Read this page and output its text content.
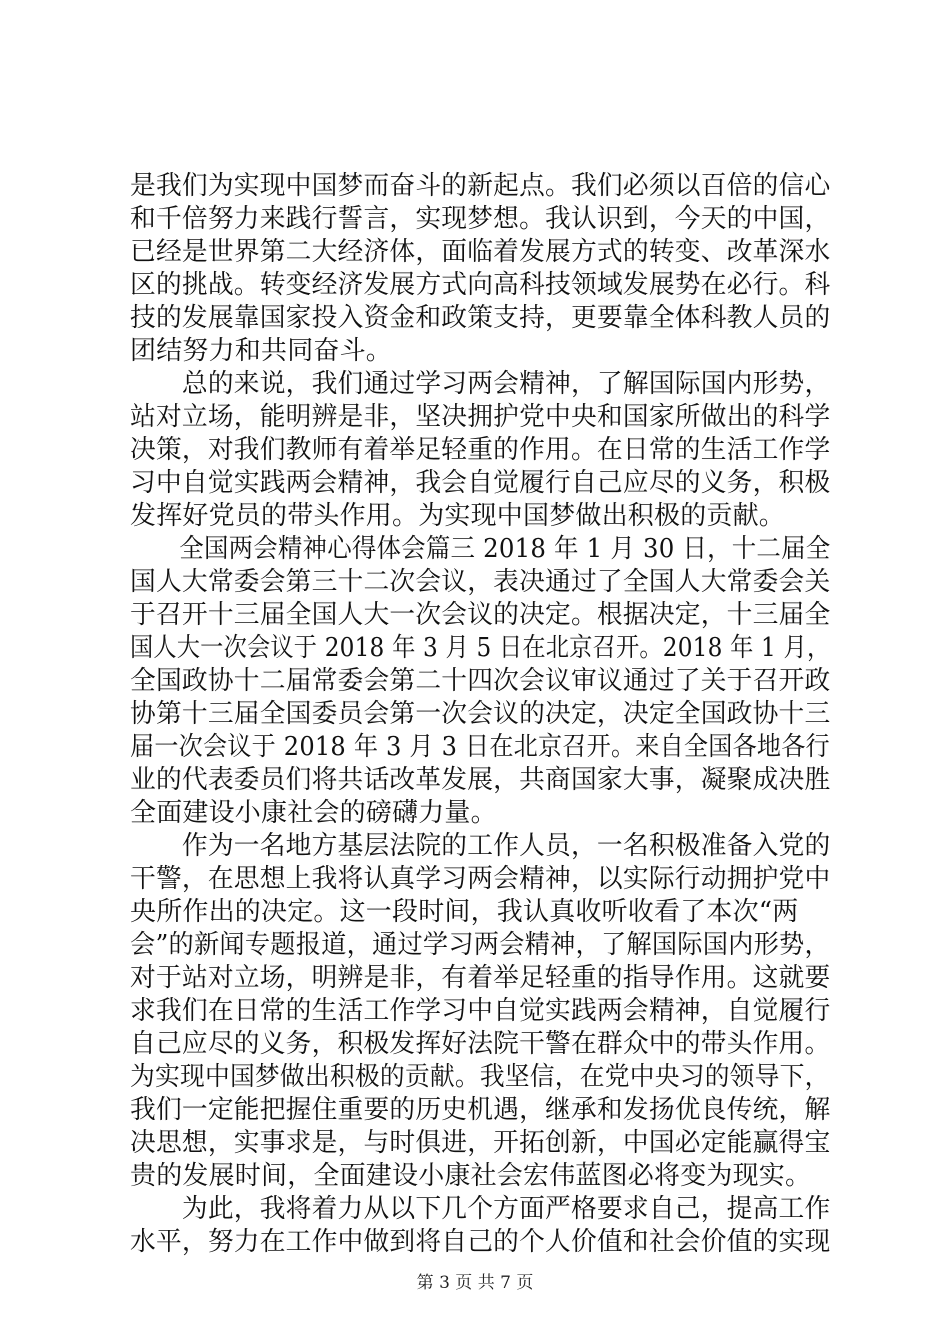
是我们为实现中国梦而奋斗的新起点。我们必须以百倍的信心
和千倍努力来践行誓言，实现梦想。我认识到，今天的中国，
已经是世界第二大经济体，面临着发展方式的转变、改革深水
区的挑战。转变经济发展方式向高科技领域发展势在必行。科
技的发展靠国家投入资金和政策支持，更要靠全体科教人员的
团结努力和共同奋斗。
　　总的来说，我们通过学习两会精神，了解国际国内形势，
站对立场，能明辨是非，坚决拥护党中央和国家所做出的科学
决策，对我们教师有着举足轻重的作用。在日常的生活工作学
习中自觉实践两会精神，我会自觉履行自己应尽的义务，积极
发挥好党员的带头作用。为实现中国梦做出积极的贡献。
　　全国两会精神心得体会篇三 2018 年 1 月 30 日，十二届全
国人大常委会第三十二次会议，表决通过了全国人大常委会关
于召开十三届全国人大一次会议的决定。根据决定，十三届全
国人大一次会议于 2018 年 3 月 5 日在北京召开。2018 年 1 月，
全国政协十二届常委会第二十四次会议审议通过了关于召开政
协第十三届全国委员会第一次会议的决定，决定全国政协十三
届一次会议于 2018 年 3 月 3 日在北京召开。来自全国各地各行
业的代表委员们将共话改革发展，共商国家大事，凝聚成决胜
全面建设小康社会的磅礴力量。
　　作为一名地方基层法院的工作人员，一名积极准备入党的
干警，在思想上我将认真学习两会精神，以实际行动拥护党中
央所作出的决定。这一段时间，我认真收听收看了本次“两
会”的新闻专题报道，通过学习两会精神，了解国际国内形势，
对于站对立场，明辨是非，有着举足轻重的指导作用。这就要
求我们在日常的生活工作学习中自觉实践两会精神，自觉履行
自己应尽的义务，积极发挥好法院干警在群众中的带头作用。
为实现中国梦做出积极的贡献。我坚信，在党中央习的领导下，
我们一定能把握住重要的历史机遇，继承和发扬优良传统，解
决思想，实事求是，与时俱进，开拓创新，中国必定能赢得宝
贵的发展时间，全面建设小康社会宏伟蓝图必将变为现实。
　　为此，我将着力从以下几个方面严格要求自己，提高工作
水平，努力在工作中做到将自己的个人价值和社会价值的实现
第 3 页 共 7 页
